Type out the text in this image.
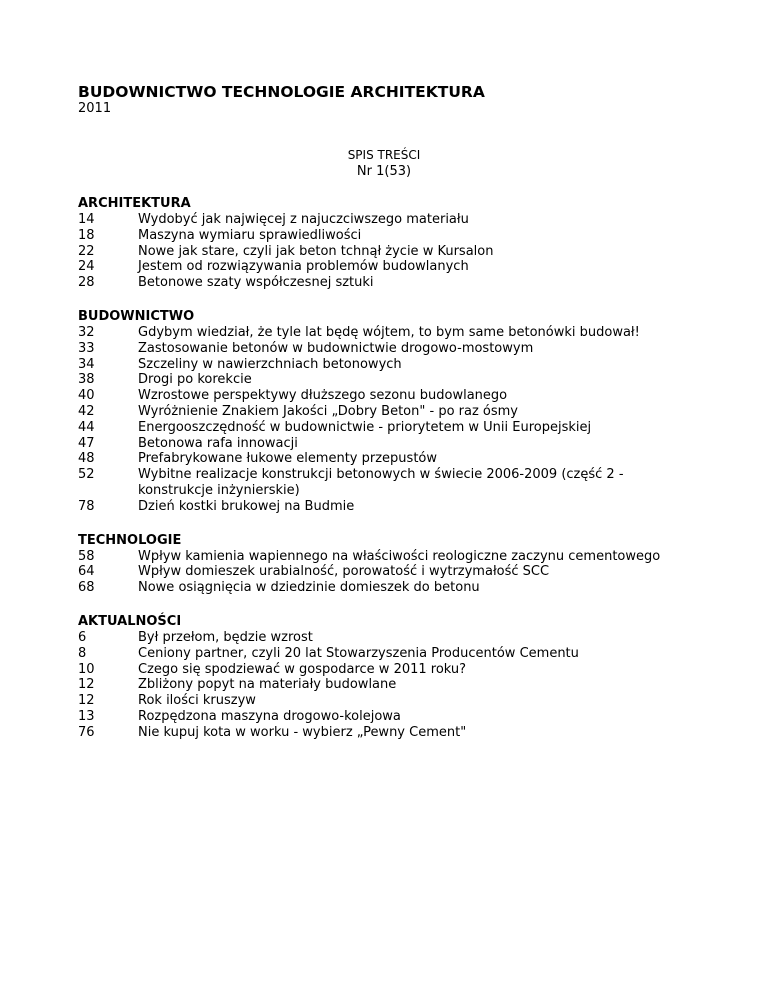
BUDOWNICTWO TECHNOLOGIE ARCHITEKTURA
2011
SPIS TREŚCI
Nr 1(53)
ARCHITEKTURA
14	Wydobyć jak najwięcej z najuczciwszego materiału
18	Maszyna wymiaru sprawiedliwości
22	Nowe jak stare, czyli jak beton tchnął życie w Kursalon
24	Jestem od rozwiązywania problemów budowlanych
28	Betonowe szaty współczesnej sztuki
BUDOWNICTWO
32	Gdybym wiedział, że tyle lat będę wójtem, to bym same betonówki budował!
33	Zastosowanie betonów w budownictwie drogowo-mostowym
34	Szczeliny w nawierzchniach betonowych
38	Drogi po korekcie
40	Wzrostowe perspektywy dłuższego sezonu budowlanego
42	Wyróżnienie Znakiem Jakości „Dobry Beton" - po raz ósmy
44	Energooszczędność w budownictwie - priorytetem w Unii Europejskiej
47	Betonowa rafa innowacji
48	Prefabrykowane łukowe elementy przepustów
52	Wybitne realizacje konstrukcji betonowych w świecie 2006-2009 (część 2 - konstrukcje inżynierskie)
78	Dzień kostki brukowej na Budmie
TECHNOLOGIE
58	Wpływ kamienia wapiennego na właściwości reologiczne zaczynu cementowego
64	Wpływ domieszek urabialność, porowatość i wytrzymałość SCC
68	Nowe osiągnięcia w dziedzinie domieszek do betonu
AKTUALNOŚCI
6	Był przełom, będzie wzrost
8	Ceniony partner, czyli 20 lat Stowarzyszenia Producentów Cementu
10	Czego się spodziewać w gospodarce w 2011 roku?
12	Zbliżony popyt na materiały budowlane
12	Rok ilości kruszyw
13	Rozpędzona maszyna drogowo-kolejowa
76	Nie kupuj kota w worku - wybierz „Pewny Cement"
